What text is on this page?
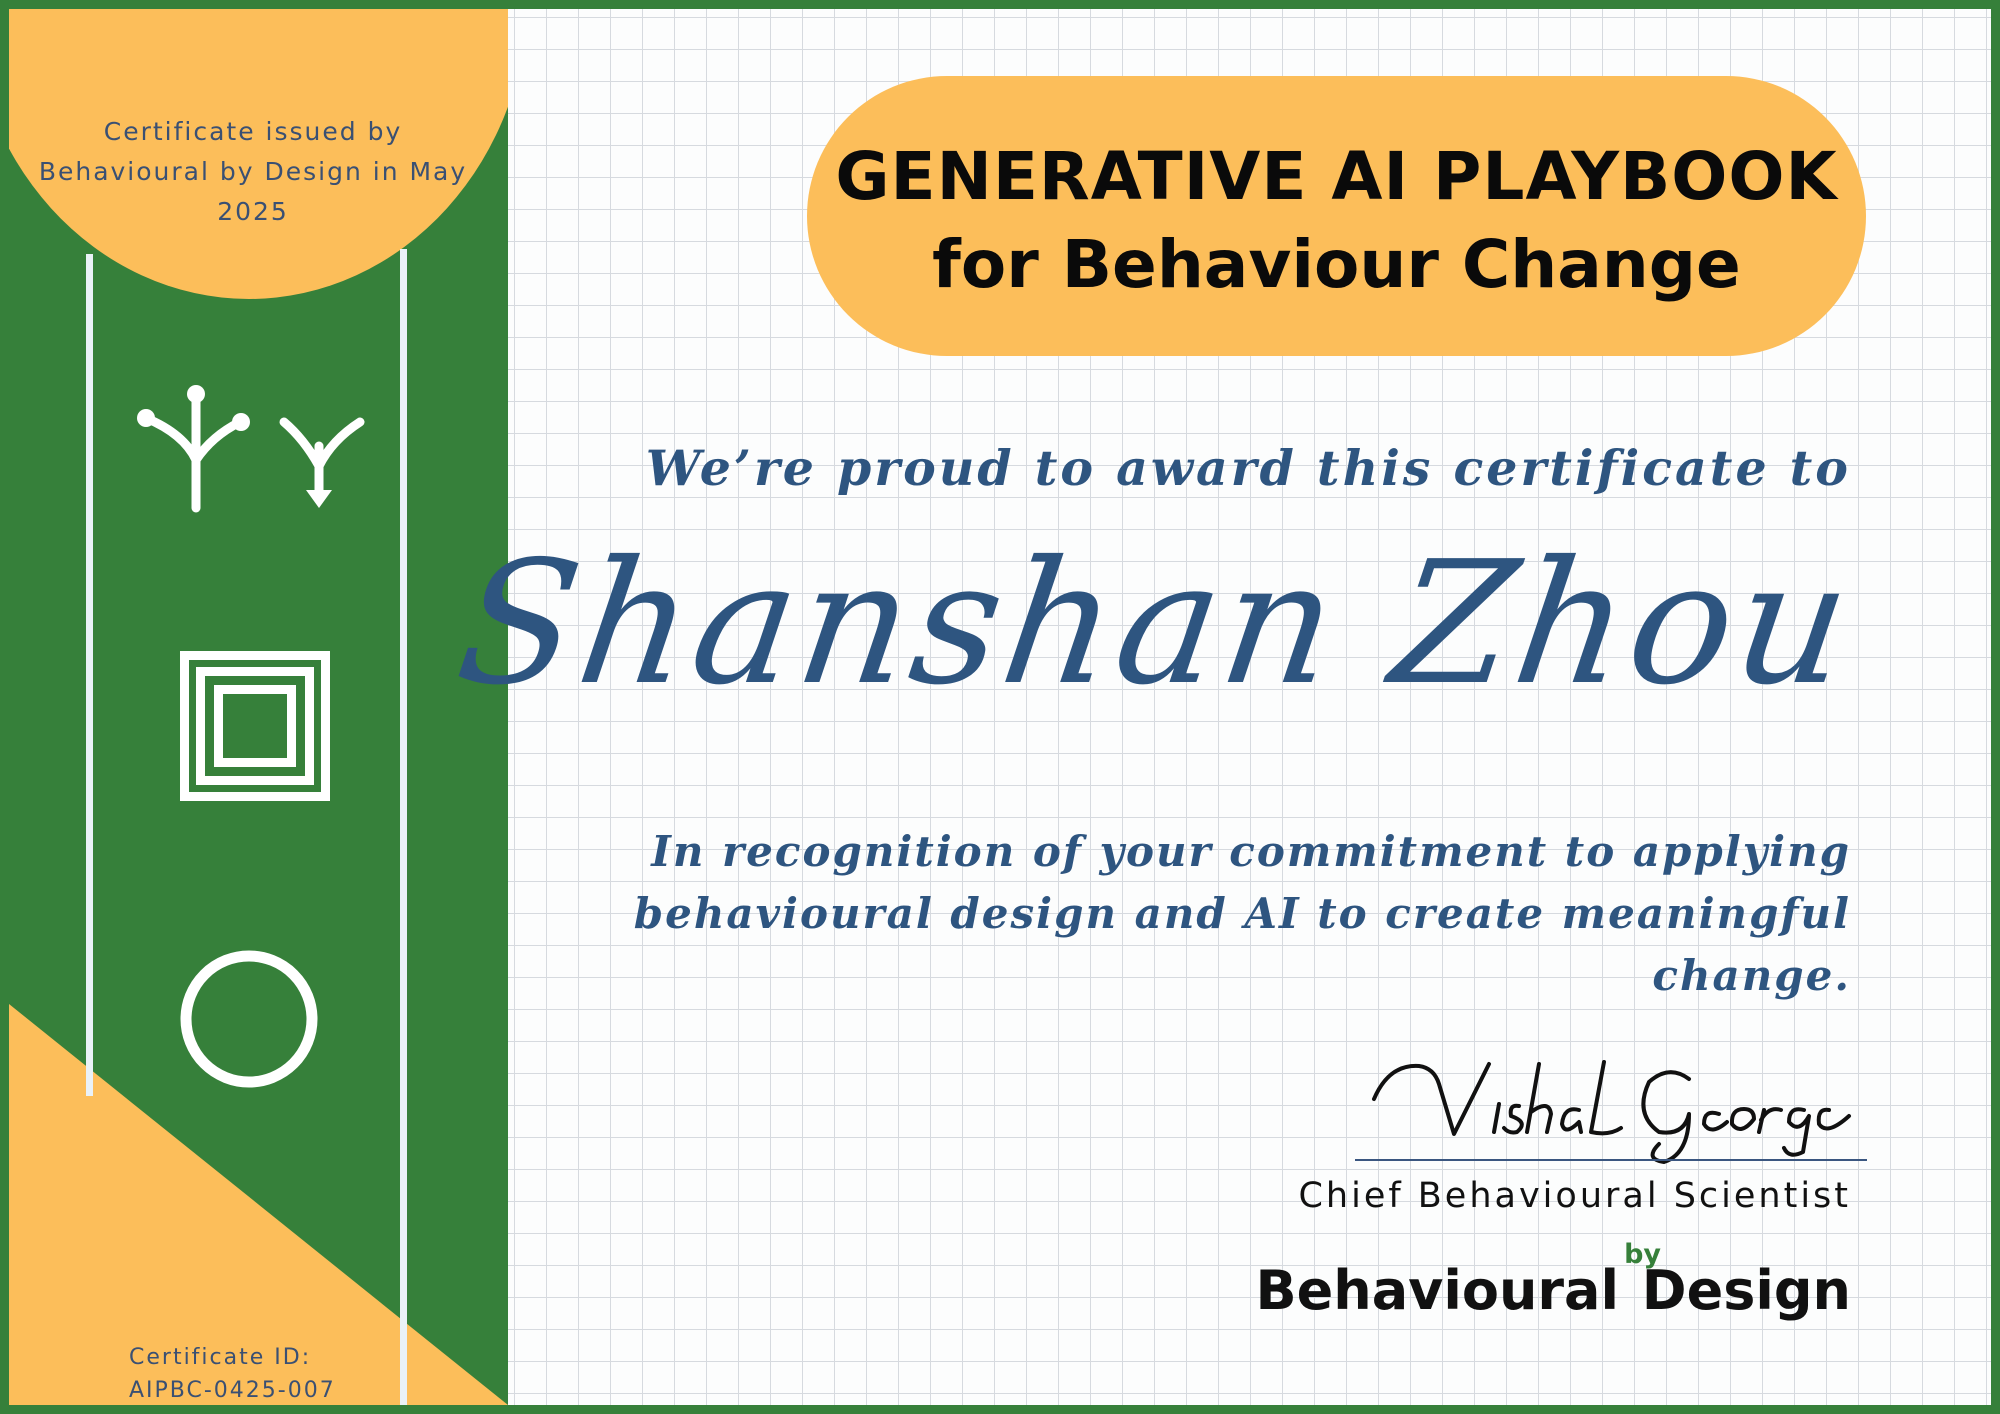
Certificate issued by Behavioural by Design in May 2025
Certificate ID:
AIPBC-0425-007
GENERATIVE AI PLAYBOOK
for Behaviour Change
We’re proud to award this certificate to
Shanshan Zhou
In recognition of your commitment to applying
behavioural design and AI to create meaningful change.
Chief Behavioural Scientist
Behavioural
by
Design
